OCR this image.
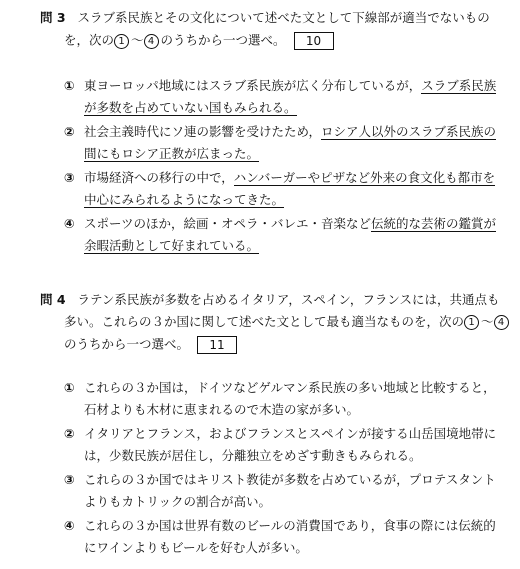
問 3 スラブ系民族とその文化について述べた文として下線部が適当でないもの
を，次の 1 ～ 4 のうちから一つ選べ。 10
① 東ヨーロッパ地域にはスラブ系民族が広く分布しているが，スラブ系民族
が多数を占めていない国もみられる。
② 社会主義時代にソ連の影響を受けたため，ロシア人以外のスラブ系民族の
間にもロシア正教が広まった。
③ 市場経済への移行の中で，ハンバーガーやピザなど外来の食文化も都市を
中心にみられるようになってきた。
④ スポーツのほか，絵画・オペラ・バレエ・音楽など伝統的な芸術の鑑賞が
余暇活動として好まれている。
問 4 ラテン系民族が多数を占めるイタリア，スペイン，フランスには，共通点も
多い。これらの３か国に関して述べた文として最も適当なものを，次の 1 ～ 4
のうちから一つ選べ。 11
① これらの３か国は，ドイツなどゲルマン系民族の多い地域と比較すると，
石材よりも木材に恵まれるので木造の家が多い。
② イタリアとフランス，およびフランスとスペインが接する山岳国境地帯に
は，少数民族が居住し，分離独立をめざす動きもみられる。
③ これらの３か国ではキリスト教徒が多数を占めているが，プロテスタント
よりもカトリックの割合が高い。
④ これらの３か国は世界有数のビールの消費国であり，食事の際には伝統的
にワインよりもビールを好む人が多い。
